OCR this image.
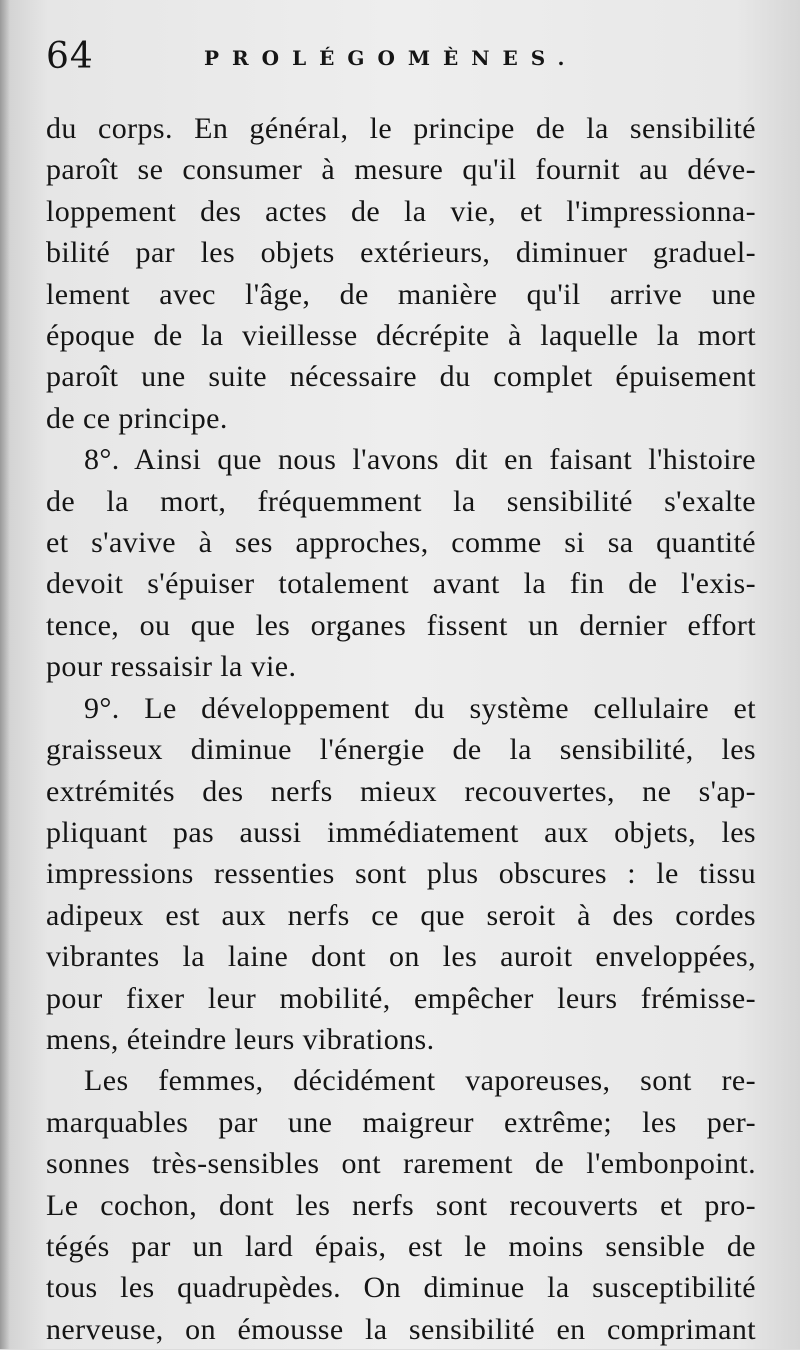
64	PROLÉGOMÈNES.

du corps. En général, le principe de la sensibilité
paroît se consumer à mesure qu'il fournit au déve-
loppement des actes de la vie, et l'impressionna-
bilité par les objets extérieurs, diminuer graduel-
lement avec l'âge, de manière qu'il arrive une
époque de la vieillesse décrépite à laquelle la mort
paroît une suite nécessaire du complet épuisement
de ce principe.

8°. Ainsi que nous l'avons dit en faisant l'histoire
de la mort, fréquemment la sensibilité s'exalte
et s'avive à ses approches, comme si sa quantité
devoit s'épuiser totalement avant la fin de l'exis-
tence, ou que les organes fissent un dernier effort
pour ressaisir la vie.

9°. Le développement du système cellulaire et
graisseux diminue l'énergie de la sensibilité, les
extrémités des nerfs mieux recouvertes, ne s'ap-
pliquant pas aussi immédiatement aux objets, les
impressions ressenties sont plus obscures : le tissu
adipeux est aux nerfs ce que seroit à des cordes
vibrantes la laine dont on les auroit enveloppées,
pour fixer leur mobilité, empêcher leurs frémisse-
mens, éteindre leurs vibrations.

Les femmes, décidément vaporeuses, sont re-
marquables par une maigreur extrême; les per-
sonnes très-sensibles ont rarement de l'embonpoint.
Le cochon, dont les nerfs sont recouverts et pro-
tégés par un lard épais, est le moins sensible de
tous les quadrupèdes. On diminue la susceptibilité
nerveuse, on émousse la sensibilité en comprimant
